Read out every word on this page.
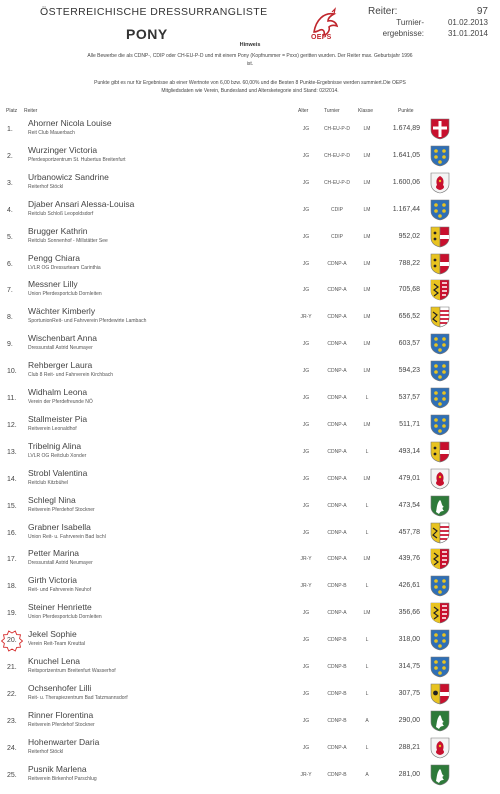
ÖSTERREICHISCHE DRESSURRANGLISTE
PONY	OEPS
Reiter:	97
Turnier-	01.02.2013
ergebnisse:	31.01.2014
Hinweis
Alle Bewerbe die als CDNP-, CDIP oder CH-EU-P-D und mit einem Pony (Kopfnummer = Pxxx) geritten wurden. Der Reiter max. Geburtsjahr 1996
ist.
Punkte gibt es nur für Ergebnisse ab einer Wertnote von 6,00 bzw. 60,00% und die Besten 8 Punkte-Ergebnisse werden summiert.Die OEPS
Mitgliedsdaten wie Verein, Bundesland und Altersketegorie sind Stand: 02/2014.
Platz Reiter	Alter	Turnier	Klasse	Punkte
1.
Ahorner Nicola Louise
Reit Club Mauerbach
JG	CH-EU-P-D	LM	1.674,89
2.
Wurzinger Victoria
Pferdesportzentrum St. Hubertus Breitenfurt
JG	CH-EU-P-D	LM	1.641,05
3.
Urbanowicz Sandrine
Reiterhof Stöckl
JG	CH-EU-P-D	LM	1.600,06
4.
Djaber Ansari Alessa-Louisa
Reitclub Schloß Leopoldsdorf
JG	CDIP	LM	1.167,44
5.
Brugger Kathrin
Reitclub Sonnenhof - Millstätter See
JG	CDIP	LM	952,02
6.
Pengg Chiara
LVLR OG Dressurteam Carinthia
JG	CDNP-A	LM	788,22
7.
Messner Lilly
Union Pferdesportclub Dornleiten
JG	CDNP-A	LM	705,68
8.
Wächter Kimberly
SportunionReit- und Fahrverein Pferdewirte Lambach
JR-Y	CDNP-A	LM	656,52
9.
Wischenbart Anna
Dressurstall Astrid Neumayer
JG	CDNP-A	LM	603,57
10.
Rehberger Laura
Club 8 Reit- und Fahrverein Kirchbach
JG	CDNP-A	LM	594,23
11.
Widhalm Leona
Verein der Pferdefreunde NÖ
JG	CDNP-A	L	537,57
12.
Stallmeister Pia
Reitverein Leonaldhof
JG	CDNP-A	LM	511,71
13.
Tribelnig Alina
LVLR OG Reitclub Xonder
JG	CDNP-A	L	493,14
14.
Strobl Valentina
Reitclub Kitzbühel
JG	CDNP-A	LM	479,01
15.
Schlegl Nina
Reitverein Pferdehof Stockner
JG	CDNP-A	L	473,54
16.
Grabner Isabella
Union Reit- u. Fahrverein Bad Ischl
JG	CDNP-A	L	457,78
17.
Petter Marina
Dressurstall Astrid Neumayer
JR-Y	CDNP-A	LM	439,76
18.
Girth Victoria
Reit- und Fahrverein Neuhof
JR-Y	CDNP-B	L	426,61
19.
Steiner Henriette
Union Pferdesportclub Dornleiten
JG	CDNP-A	LM	356,66
20.
Jekel Sophie
Verein Reit-Team Kreuttal
JG	CDNP-B	L	318,00
21.
Knuchel Lena
Reitsportzentrum Breitenfurt Wasserhof
JG	CDNP-B	L	314,75
22.
Ochsenhofer Lilli
Reit- u. Therapiezentrum Bad Tatzmannsdorf
JG	CDNP-B	L	307,75
23.
Rinner Florentina
Reitverein Pferdehof Stockner
JG	CDNP-B	A	290,00
24.
Hohenwarter Daria
Reiterhof Stöckl
JG	CDNP-A	L	288,21
25.
Pusnik Marlena
Reitverein Birkenhof Parschlug
JR-Y	CDNP-B	A	281,00
